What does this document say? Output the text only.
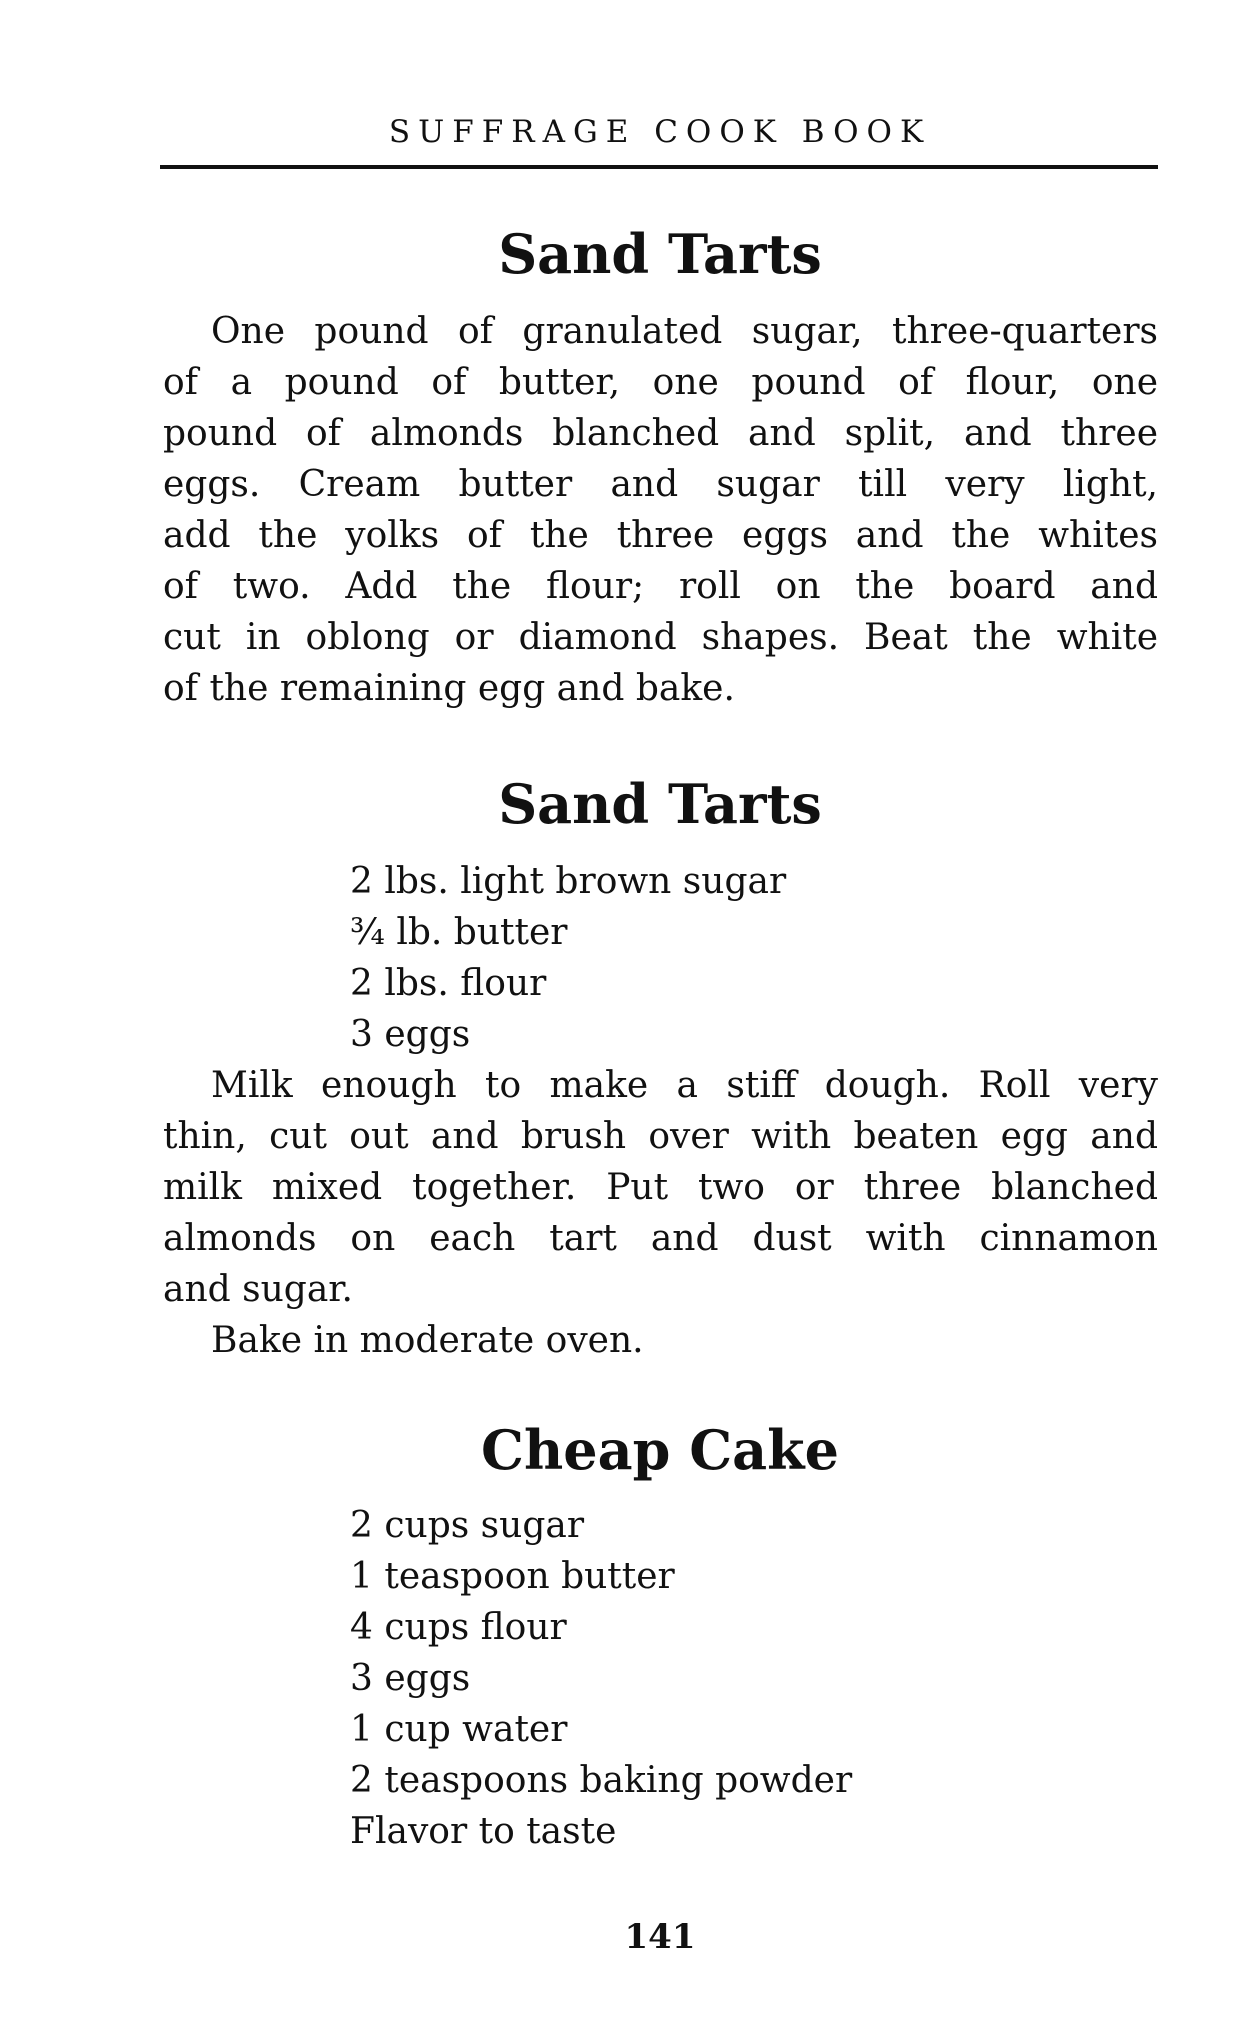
SUFFRAGE COOK BOOK
Sand Tarts
One pound of granulated sugar, three-quarters
of a pound of butter, one pound of flour, one
pound of almonds blanched and split, and three
eggs. Cream butter and sugar till very light,
add the yolks of the three eggs and the whites
of two. Add the flour; roll on the board and
cut in oblong or diamond shapes. Beat the white
of the remaining egg and bake.
Sand Tarts
2 lbs. light brown sugar
¾ lb. butter
2 lbs. flour
3 eggs
Milk enough to make a stiff dough. Roll very
thin, cut out and brush over with beaten egg and
milk mixed together. Put two or three blanched
almonds on each tart and dust with cinnamon
and sugar.
Bake in moderate oven.
Cheap Cake
2 cups sugar
1 teaspoon butter
4 cups flour
3 eggs
1 cup water
2 teaspoons baking powder
Flavor to taste
141
